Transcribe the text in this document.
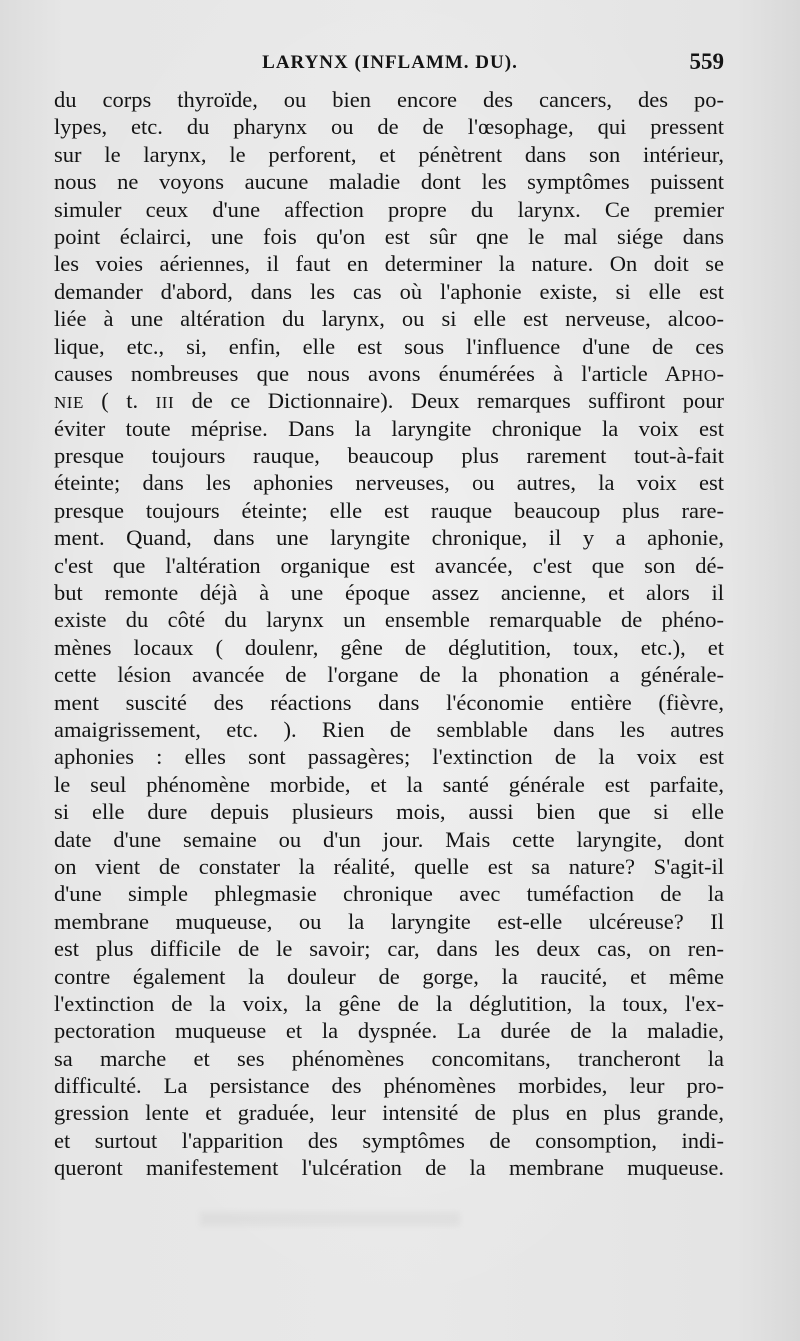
LARYNX (INFLAMM. DU).	559
du corps thyroïde, ou bien encore des cancers, des po-
lypes, etc. du pharynx ou de de l'œsophage, qui pressent
sur le larynx, le perforent, et pénètrent dans son intérieur,
nous ne voyons aucune maladie dont les symptômes puissent
simuler ceux d'une affection propre du larynx. Ce premier
point éclairci, une fois qu'on est sûr qne le mal siége dans
les voies aériennes, il faut en determiner la nature. On doit se
demander d'abord, dans les cas où l'aphonie existe, si elle est
liée à une altération du larynx, ou si elle est nerveuse, alcoo-
lique, etc., si, enfin, elle est sous l'influence d'une de ces
causes nombreuses que nous avons énumérées à l'article APHO-
NIE ( t. III de ce Dictionnaire). Deux remarques suffiront pour
éviter toute méprise. Dans la laryngite chronique la voix est
presque toujours rauque, beaucoup plus rarement tout-à-fait
éteinte; dans les aphonies nerveuses, ou autres, la voix est
presque toujours éteinte; elle est rauque beaucoup plus rare-
ment. Quand, dans une laryngite chronique, il y a aphonie,
c'est que l'altération organique est avancée, c'est que son dé-
but remonte déjà à une époque assez ancienne, et alors il
existe du côté du larynx un ensemble remarquable de phéno-
mènes locaux ( doulenr, gêne de déglutition, toux, etc.), et
cette lésion avancée de l'organe de la phonation a générale-
ment suscité des réactions dans l'économie entière (fièvre,
amaigrissement, etc. ). Rien de semblable dans les autres
aphonies : elles sont passagères; l'extinction de la voix est
le seul phénomène morbide, et la santé générale est parfaite,
si elle dure depuis plusieurs mois, aussi bien que si elle
date d'une semaine ou d'un jour. Mais cette laryngite, dont
on vient de constater la réalité, quelle est sa nature? S'agit-il
d'une simple phlegmasie chronique avec tuméfaction de la
membrane muqueuse, ou la laryngite est-elle ulcéreuse? Il
est plus difficile de le savoir; car, dans les deux cas, on ren-
contre également la douleur de gorge, la raucité, et même
l'extinction de la voix, la gêne de la déglutition, la toux, l'ex-
pectoration muqueuse et la dyspnée. La durée de la maladie,
sa marche et ses phénomènes concomitans, trancheront la
difficulté. La persistance des phénomènes morbides, leur pro-
gression lente et graduée, leur intensité de plus en plus grande,
et surtout l'apparition des symptômes de consomption, indi-
queront manifestement l'ulcération de la membrane muqueuse.
